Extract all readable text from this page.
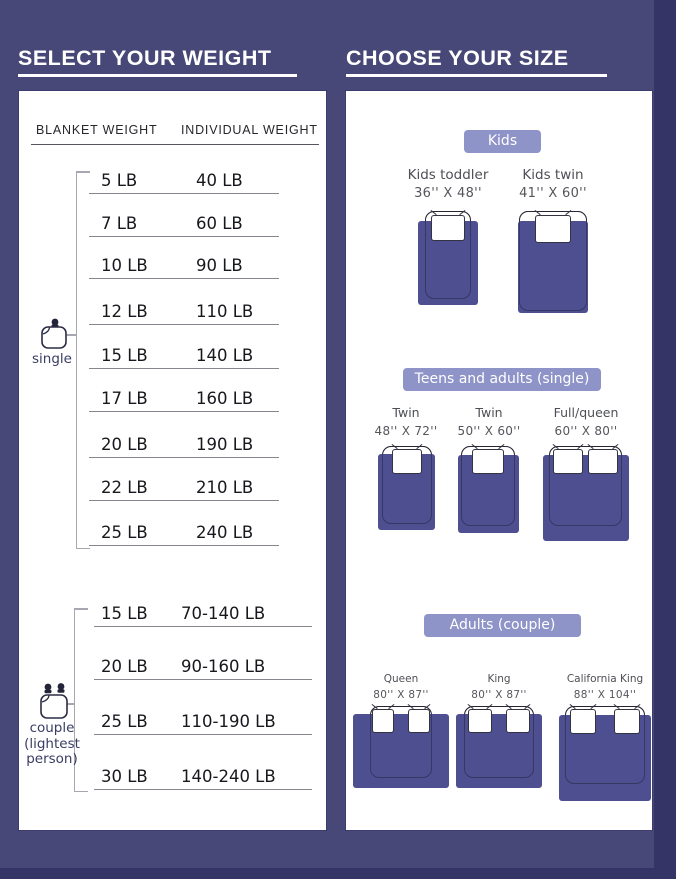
SELECT YOUR WEIGHT
BLANKET WEIGHT INDIVIDUAL WEIGHT
5 LB	40 LB
7 LB	60 LB
10 LB	90 LB
12 LB	110 LB
15 LB	140 LB
17 LB	160 LB
20 LB	190 LB
22 LB	210 LB
25 LB	240 LB
single
15 LB	70-140 LB
20 LB	90-160 LB
25 LB	110-190 LB
30 LB	140-240 LB
couple
(lightest
person)
CHOOSE YOUR SIZE
Kids
Kids toddler
36'' X 48''
Kids twin
41'' X 60''
Teens and adults (single)
Twin
48'' X 72''
Twin
50'' X 60''
Full/queen
60'' X 80''
Adults (couple)
Queen
80'' X 87''
King
80'' X 87''
California King
88'' X 104''
